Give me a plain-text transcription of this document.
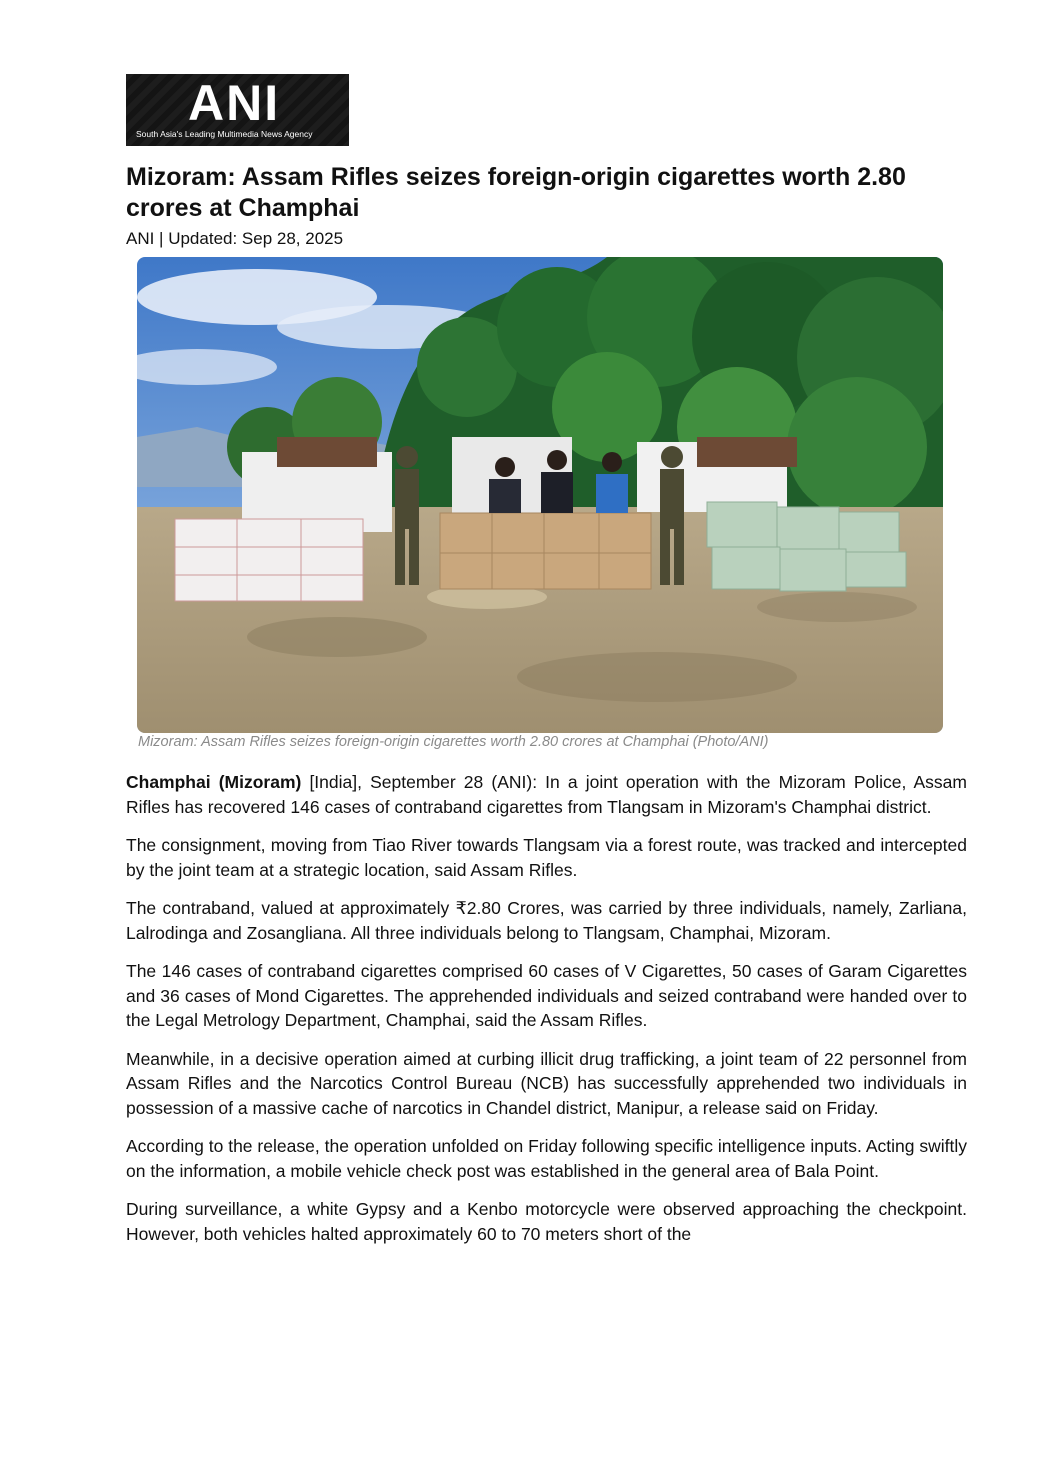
ANI
South Asia's Leading Multimedia News Agency
Mizoram: Assam Rifles seizes foreign-origin cigarettes worth 2.80 crores at Champhai
ANI | Updated: Sep 28, 2025
Mizoram: Assam Rifles seizes foreign-origin cigarettes worth 2.80 crores at Champhai (Photo/ANI)

Champhai (Mizoram) [India], September 28 (ANI): In a joint operation with the Mizoram Police, Assam Rifles has recovered 146 cases of contraband cigarettes from Tlangsam in Mizoram's Champhai district.

The consignment, moving from Tiao River towards Tlangsam via a forest route, was tracked and intercepted by the joint team at a strategic location, said Assam Rifles.

The contraband, valued at approximately ₹2.80 Crores, was carried by three individuals, namely, Zarliana, Lalrodinga and Zosangliana. All three individuals belong to Tlangsam, Champhai, Mizoram.

The 146 cases of contraband cigarettes comprised 60 cases of V Cigarettes, 50 cases of Garam Cigarettes and 36 cases of Mond Cigarettes. The apprehended individuals and seized contraband were handed over to the Legal Metrology Department, Champhai, said the Assam Rifles.

Meanwhile, in a decisive operation aimed at curbing illicit drug trafficking, a joint team of 22 personnel from Assam Rifles and the Narcotics Control Bureau (NCB) has successfully apprehended two individuals in possession of a massive cache of narcotics in Chandel district, Manipur, a release said on Friday.

According to the release, the operation unfolded on Friday following specific intelligence inputs. Acting swiftly on the information, a mobile vehicle check post was established in the general area of Bala Point.

During surveillance, a white Gypsy and a Kenbo motorcycle were observed approaching the checkpoint. However, both vehicles halted approximately 60 to 70 meters short of the
